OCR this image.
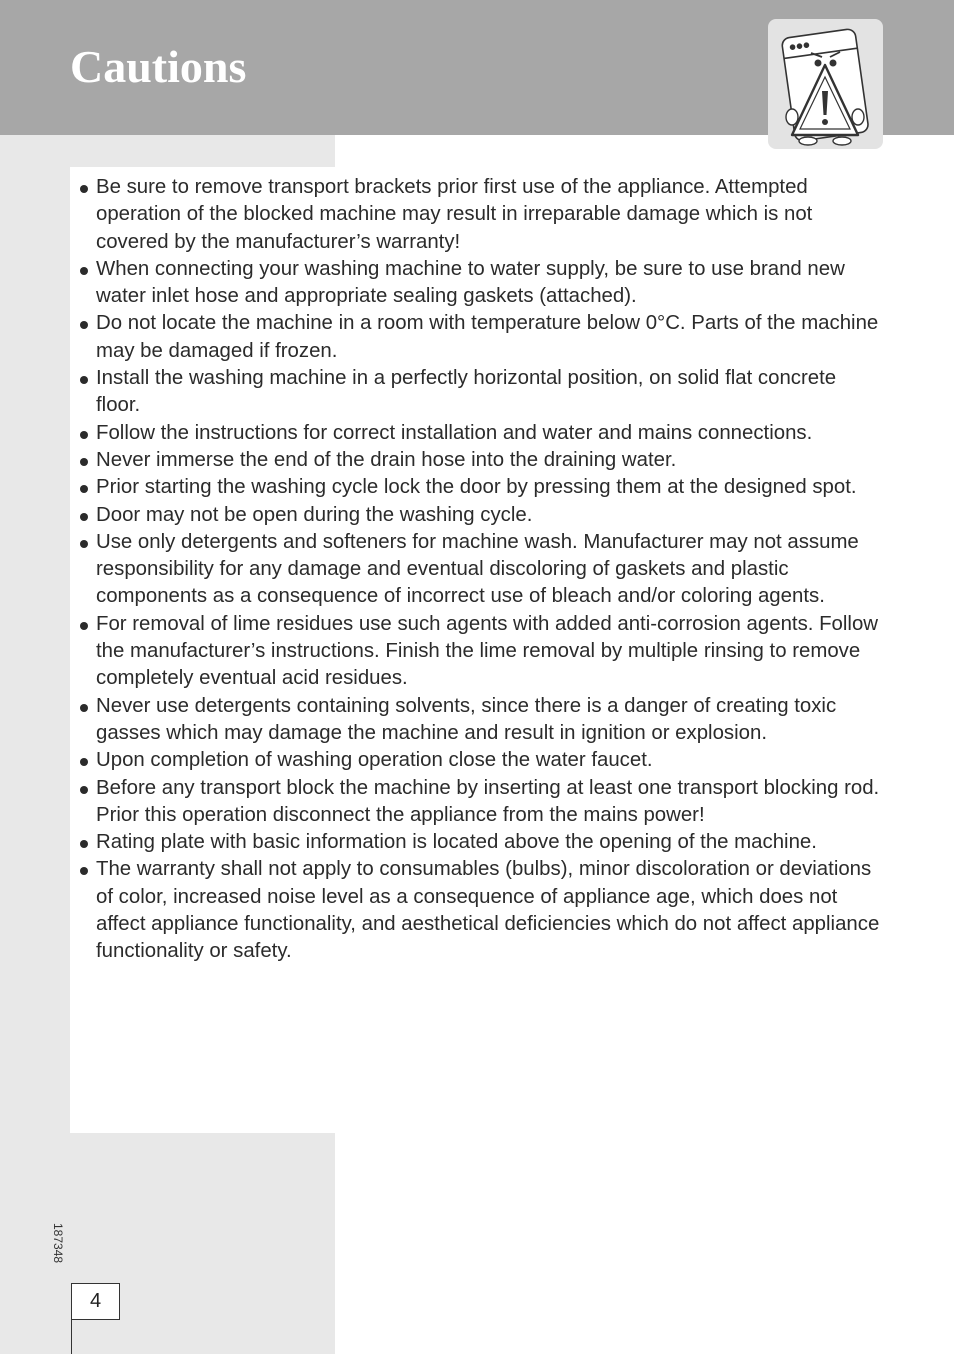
Cautions
Be sure to remove transport brackets prior first use of the appliance. Attempted operation of the blocked machine may result in irreparable damage which is not covered by the manufacturer’s warranty!
When connecting your washing machine to water supply, be sure to use brand new water inlet hose and appropriate sealing gaskets (attached).
Do not locate the machine in a room with temperature below 0°C. Parts of the machine may be damaged if frozen.
Install the washing machine in a perfectly horizontal position, on solid flat concrete floor.
Follow the instructions for correct installation and water and mains connections.
Never immerse the end of the drain hose into the draining water.
Prior starting the washing cycle lock the door by pressing them at the designed spot.
Door may not be open during the washing cycle.
Use only detergents and softeners for machine wash. Manufacturer may not assume responsibility for any damage and eventual discoloring of gaskets and plastic components as a consequence of incorrect use of bleach and/or coloring agents.
For removal of lime residues use such agents with added anti-corrosion agents. Follow the manufacturer’s instructions. Finish the lime removal by multiple rinsing to remove completely eventual acid residues.
Never use detergents containing solvents, since there is a danger of creating toxic gasses which may damage the machine and result in ignition or explosion.
Upon completion of washing operation close the water faucet.
Before any transport block the machine by inserting at least one transport blocking rod. Prior this operation disconnect the appliance from the mains power!
Rating plate with basic information is located above the opening of the machine.
The warranty shall not apply to consumables (bulbs), minor discoloration or deviations of color, increased noise level as a consequence of appliance age, which does not affect appliance functionality, and aesthetical deficiencies which do not affect appliance functionality or safety.
187348
4
